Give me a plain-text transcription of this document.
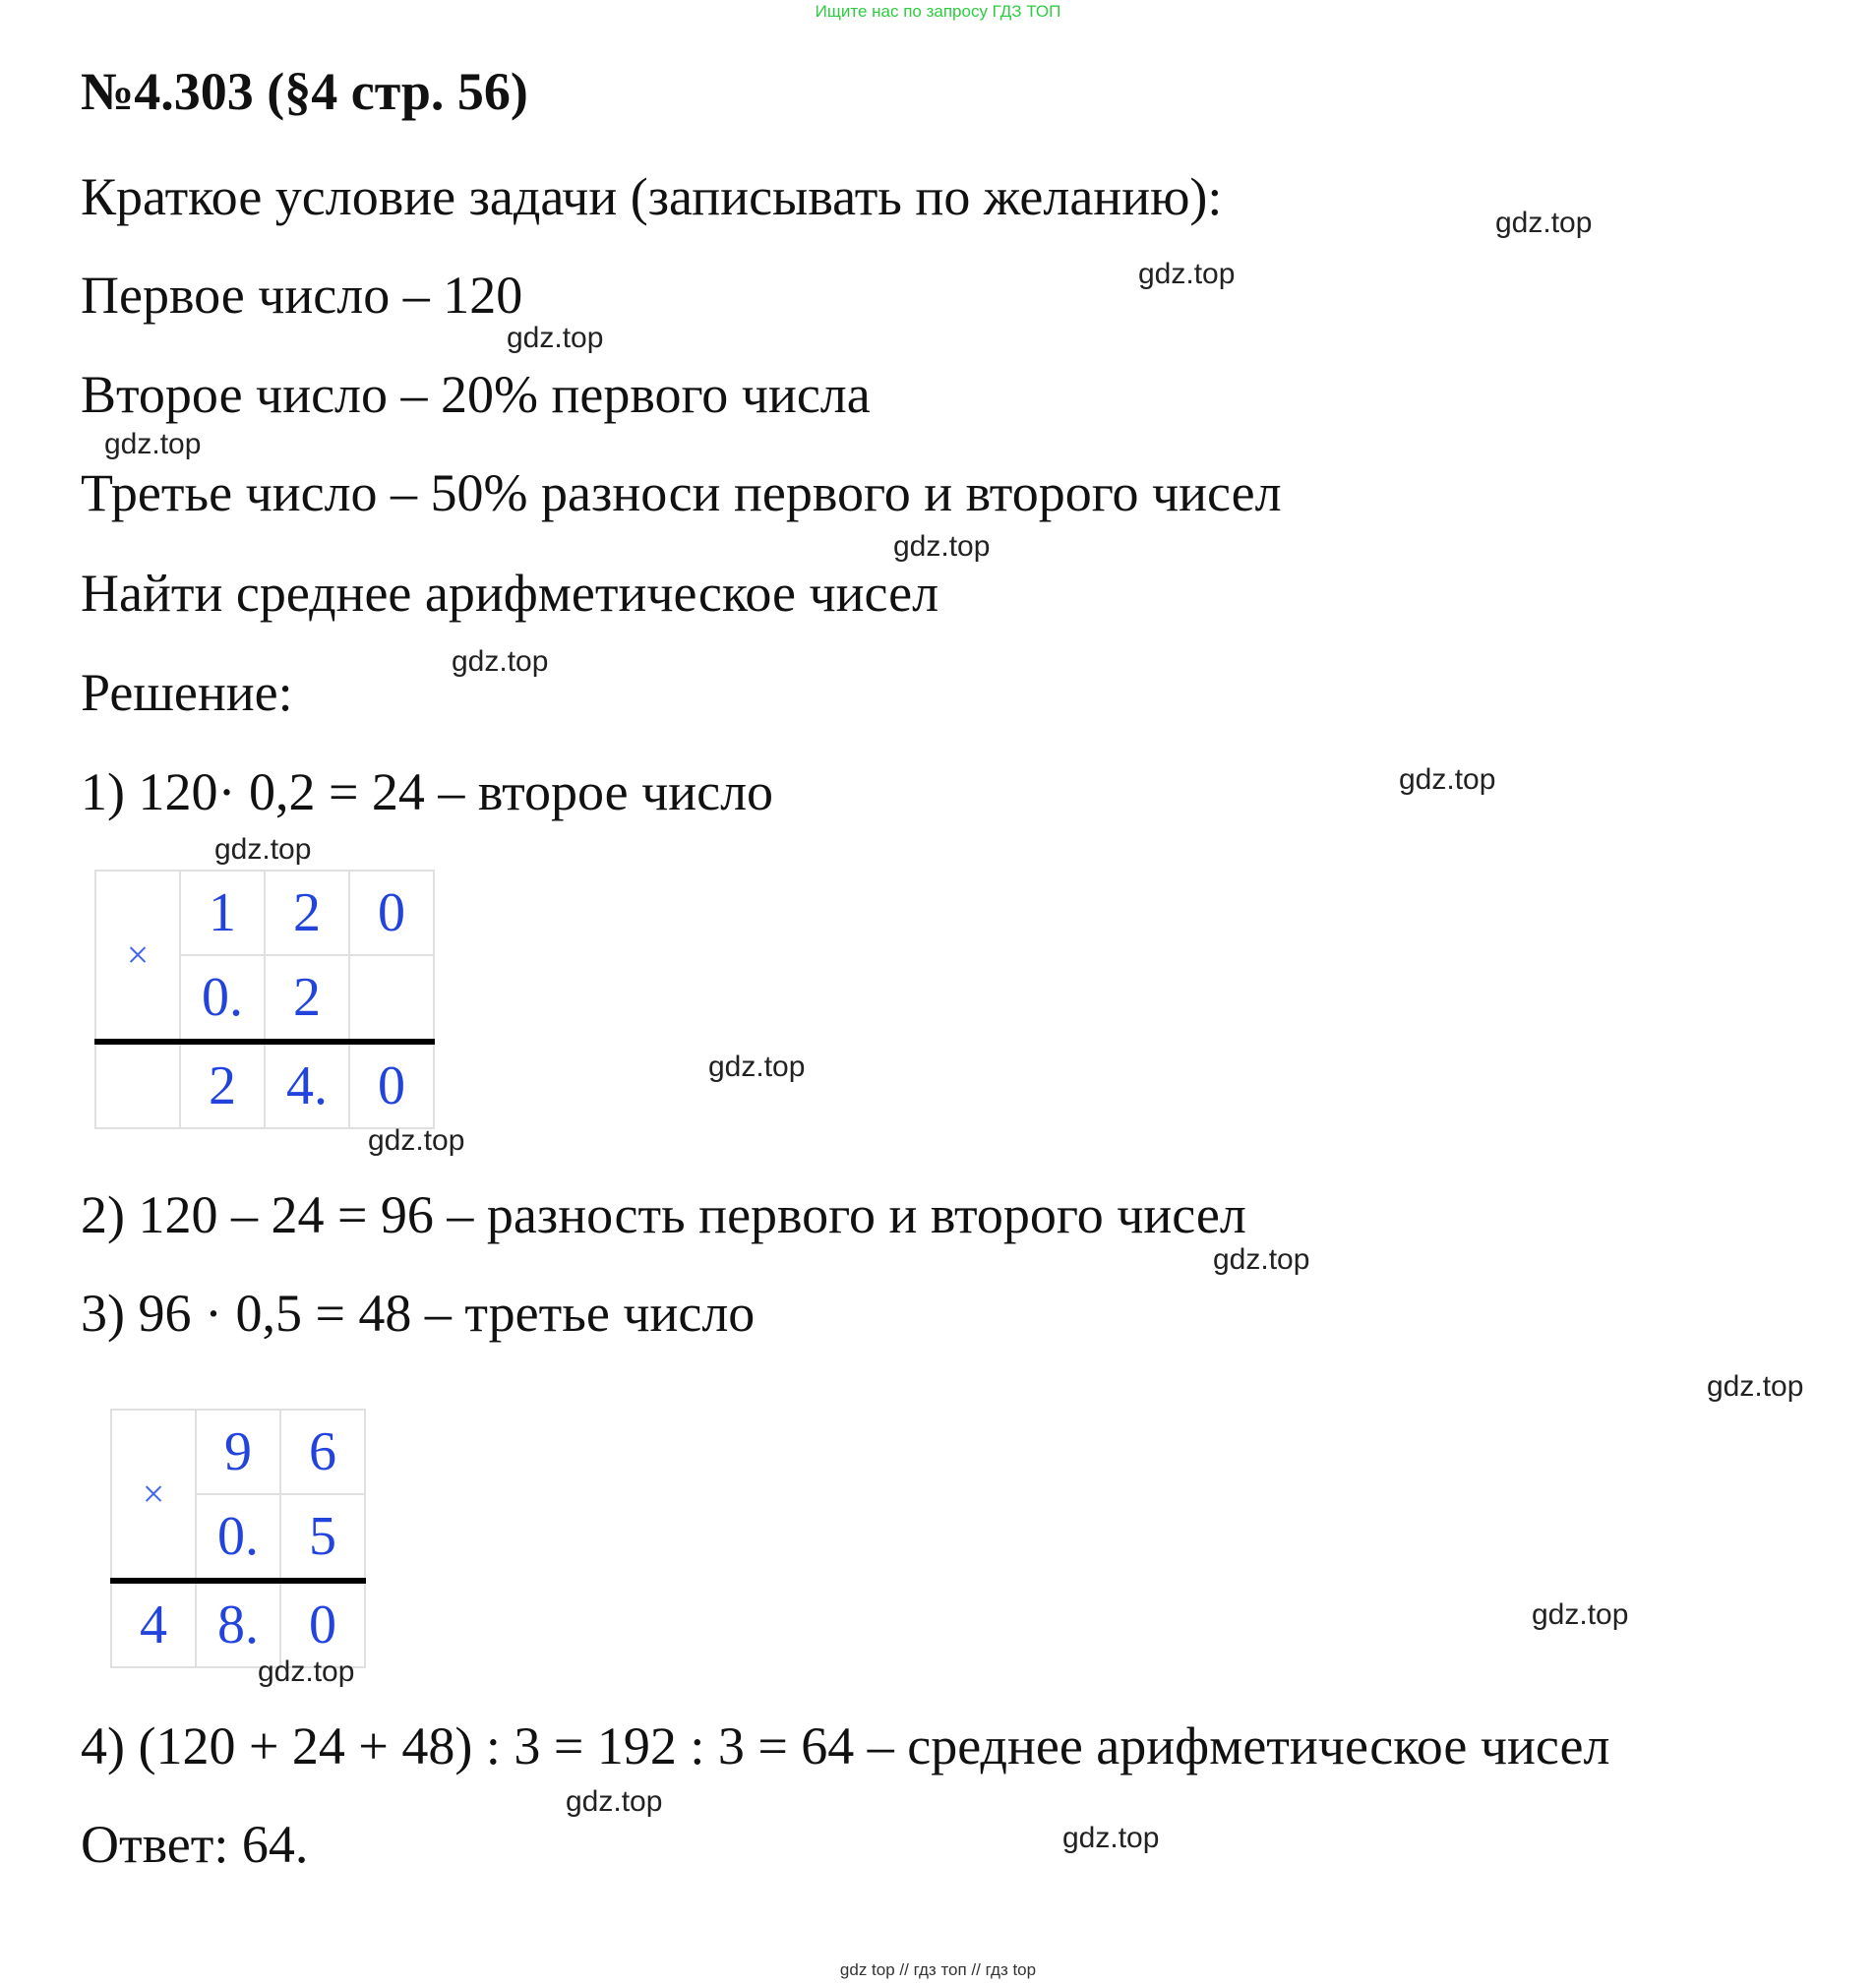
Ищите нас по запросу ГДЗ ТОП
№4.303 (§4 стр. 56)
Краткое условие задачи (записывать по желанию):
Первое число – 120
Второе число – 20% первого числа
Третье число – 50% разноси первого и второго чисел
Найти среднее арифметическое чисел
Решение:
1) 120· 0,2 = 24 – второе число
×	1	2	0
	0.	2	
	2	4.	0
2) 120 – 24 = 96 – разность первого и второго чисел
3) 96 · 0,5 = 48 – третье число
×	9	6
	0.	5
4	8.	0
4) (120 + 24 + 48) : 3 = 192 : 3 = 64 – среднее арифметическое чисел
Ответ: 64.
gdz.top
gdz.top
gdz.top
gdz.top
gdz.top
gdz.top
gdz.top
gdz.top
gdz.top
gdz.top
gdz.top
gdz.top
gdz.top
gdz.top
gdz.top
gdz.top
gdz top // гдз топ // гдз top
